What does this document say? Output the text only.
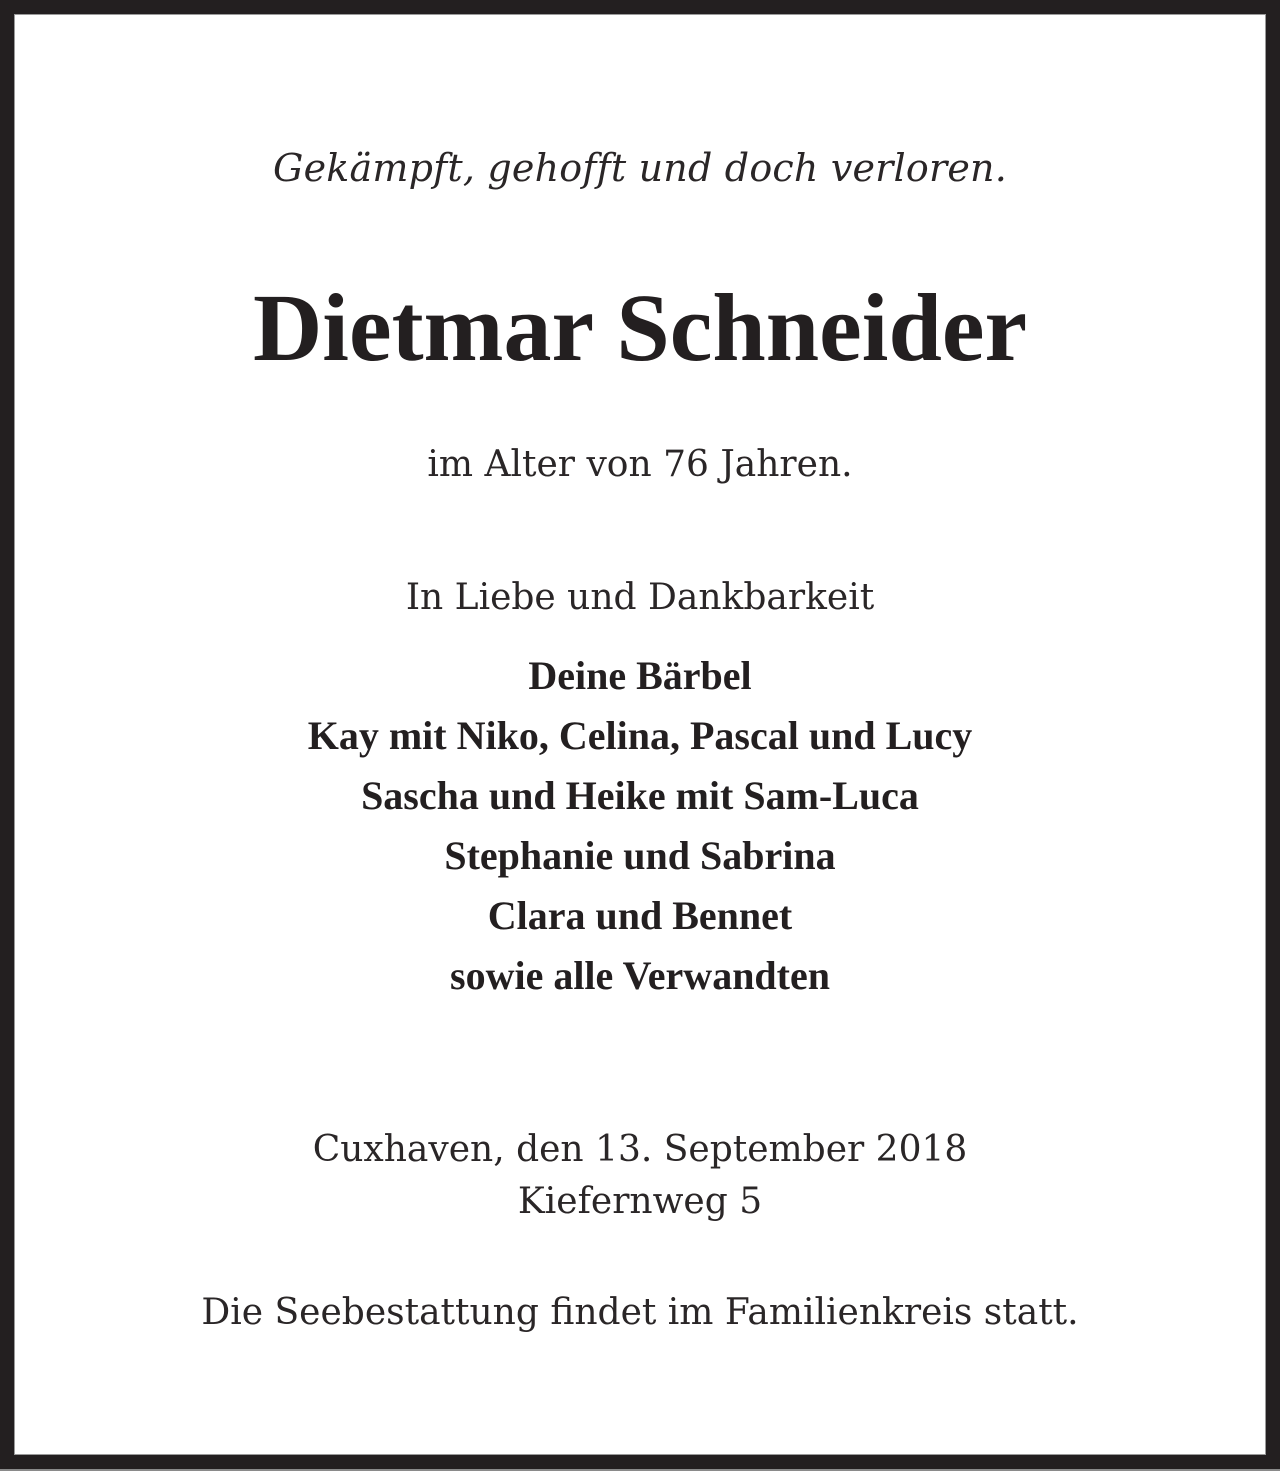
Gekämpft, gehofft und doch verloren.
Dietmar Schneider
im Alter von 76 Jahren.
In Liebe und Dankbarkeit
Deine Bärbel
Kay mit Niko, Celina, Pascal und Lucy
Sascha und Heike mit Sam-Luca
Stephanie und Sabrina
Clara und Bennet
sowie alle Verwandten
Cuxhaven, den 13. September 2018
Kiefernweg 5
Die Seebestattung findet im Familienkreis statt.
